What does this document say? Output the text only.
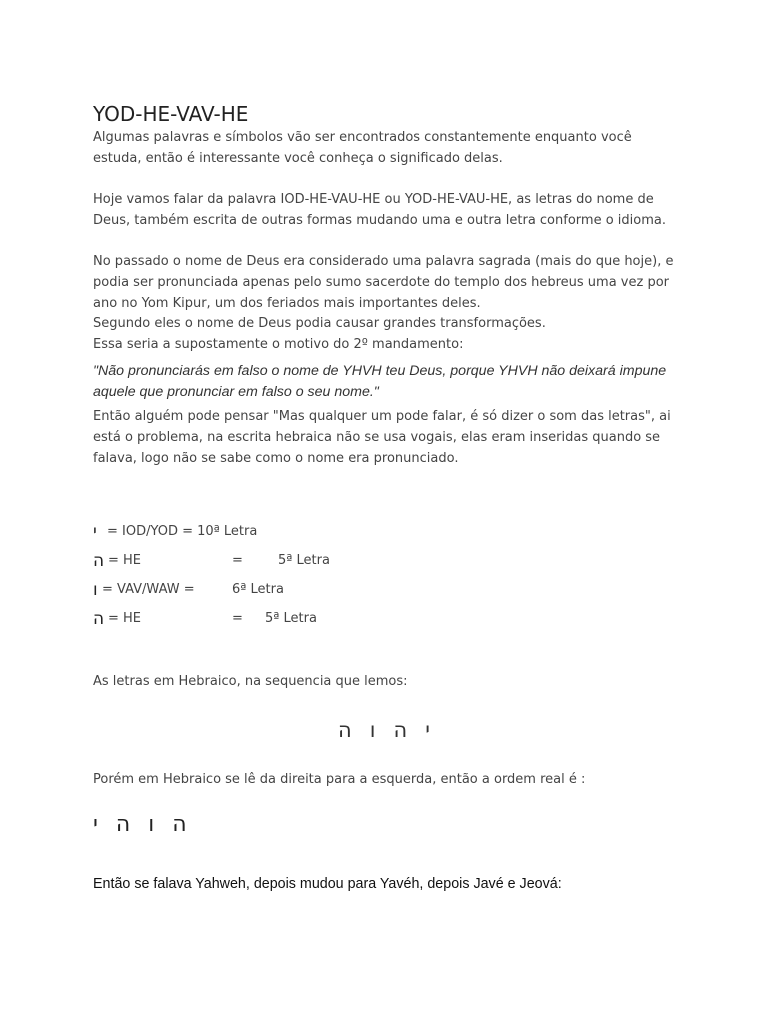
YOD-HE-VAV-HE

Algumas palavras e símbolos vão ser encontrados constantemente enquanto você

estuda, então é interessante você conheça o significado delas.

Hoje vamos falar da palavra IOD-HE-VAU-HE ou YOD-HE-VAU-HE, as letras do nome de

Deus, também escrita de outras formas mudando uma e outra letra conforme o idioma.

No passado o nome de Deus era considerado uma palavra sagrada (mais do que hoje), e

podia ser pronunciada apenas pelo sumo sacerdote do templo dos hebreus uma vez por

ano no Yom Kipur, um dos feriados mais importantes deles.

Segundo eles o nome de Deus podia causar grandes transformações.

Essa seria a supostamente o motivo do 2º mandamento:

"Não pronunciarás em falso o nome de YHVH teu Deus, porque YHVH não deixará impune
aquele que pronunciar em falso o seu nome."

Então alguém pode pensar "Mas qualquer um pode falar, é só dizer o som das letras", ai

está o problema, na escrita hebraica não se usa vogais, elas eram inseridas quando se

falava, logo não se sabe como o nome era pronunciado.

י = IOD/YOD = 10ª Letra
ה = HE	=	5ª Letra
ו = VAV/WAW =	6ª Letra
ה = HE	= 5ª Letra
As letras em Hebraico, na sequencia que lemos:
יהוה
Porém em Hebraico se lê da direita para a esquerda, então a ordem real é :
הוהי
Então se falava Yahweh, depois mudou para Yavéh, depois Javé e Jeová:
